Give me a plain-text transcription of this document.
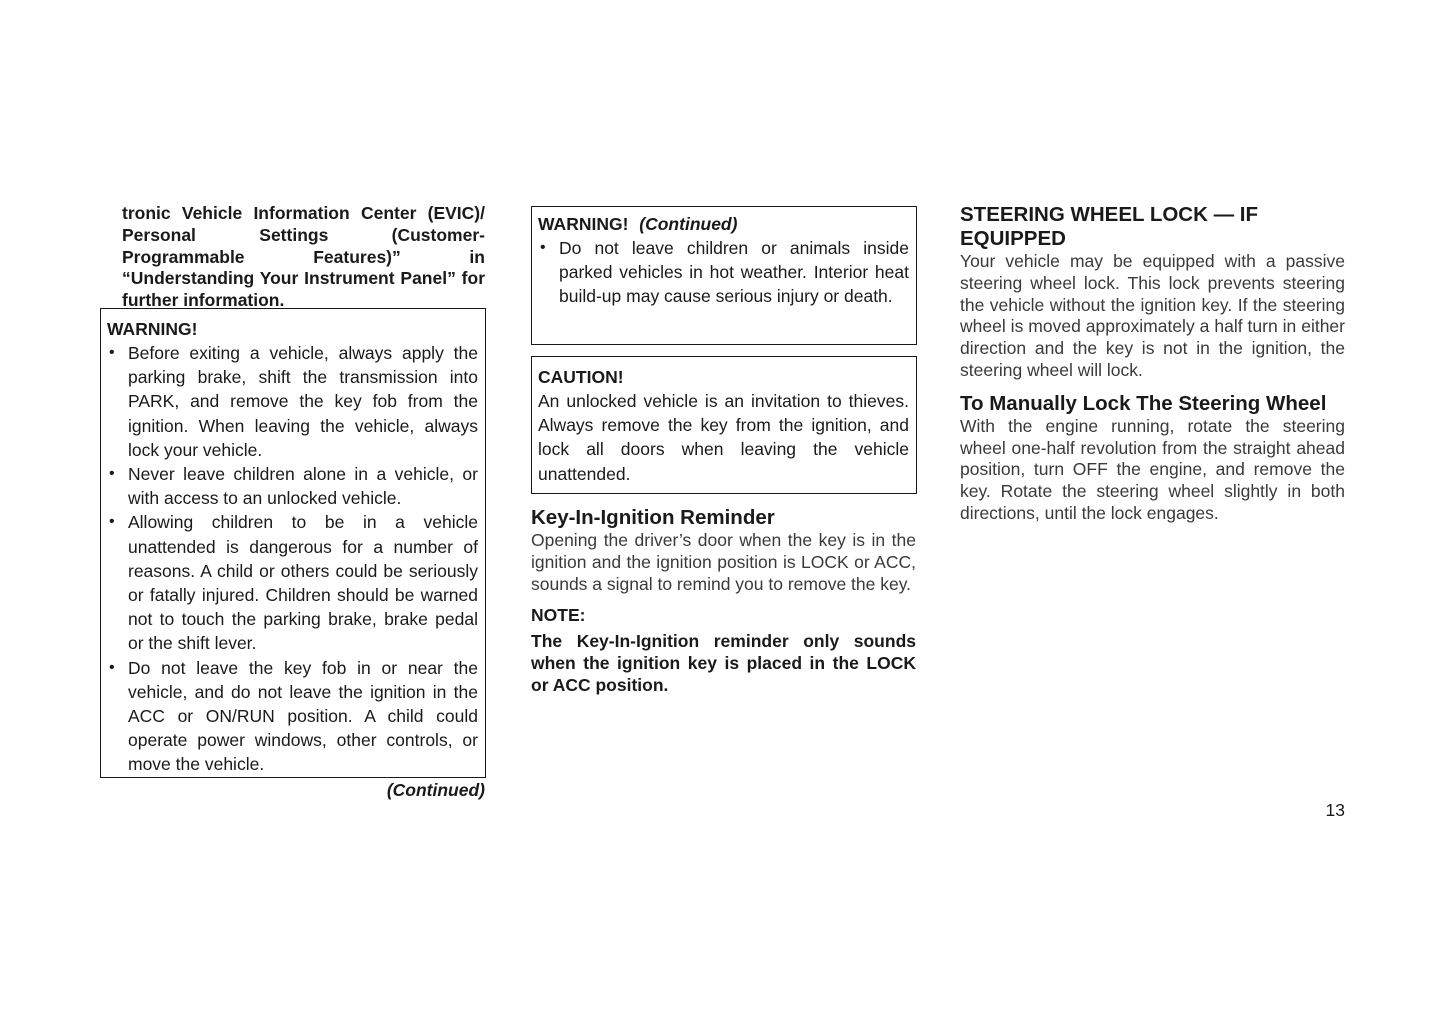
tronic Vehicle Information Center (EVIC)/ Personal Settings (Customer-Programmable Features)” in “Understanding Your Instrument Panel” for further information.
WARNING!
• Before exiting a vehicle, always apply the parking brake, shift the transmission into PARK, and remove the key fob from the ignition. When leaving the vehicle, always lock your vehicle.
• Never leave children alone in a vehicle, or with access to an unlocked vehicle.
• Allowing children to be in a vehicle unattended is dangerous for a number of reasons. A child or others could be seriously or fatally injured. Children should be warned not to touch the parking brake, brake pedal or the shift lever.
• Do not leave the key fob in or near the vehicle, and do not leave the ignition in the ACC or ON/RUN position. A child could operate power windows, other controls, or move the vehicle.
(Continued)
WARNING! (Continued)
• Do not leave children or animals inside parked vehicles in hot weather. Interior heat build-up may cause serious injury or death.
CAUTION!
An unlocked vehicle is an invitation to thieves. Always remove the key from the ignition, and lock all doors when leaving the vehicle unattended.
Key-In-Ignition Reminder
Opening the driver’s door when the key is in the ignition and the ignition position is LOCK or ACC, sounds a signal to remind you to remove the key.
NOTE:
The Key-In-Ignition reminder only sounds when the ignition key is placed in the LOCK or ACC position.
STEERING WHEEL LOCK — IF EQUIPPED
Your vehicle may be equipped with a passive steering wheel lock. This lock prevents steering the vehicle without the ignition key. If the steering wheel is moved approximately a half turn in either direction and the key is not in the ignition, the steering wheel will lock.
To Manually Lock The Steering Wheel
With the engine running, rotate the steering wheel one-half revolution from the straight ahead position, turn OFF the engine, and remove the key. Rotate the steering wheel slightly in both directions, until the lock engages.
13
